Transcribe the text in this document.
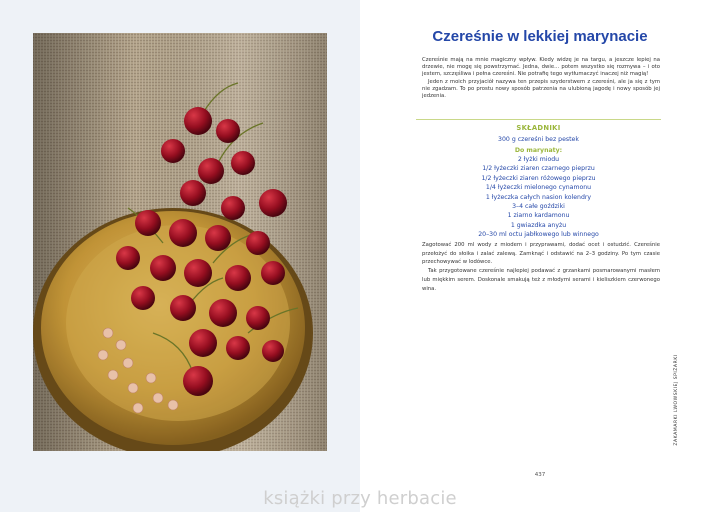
Czereśnie w lekkiej marynacie

Czereśnie mają na mnie magiczny wpływ. Kiedy widzę je na targu, a jeszcze lepiej na drzewie, nie mogę się powstrzymać. Jedna, dwie... potem wszystko się rozmywa – i oto jestem, szczęśliwa i pełna czereśni. Nie potrafię tego wytłumaczyć inaczej niż magią!

Jeden z moich przyjaciół nazywa ten przepis szyderstwem z czereśni, ale ja się z tym nie zgadzam. To po prostu nowy sposób patrzenia na ulubioną jagodę i nowy sposób jej jedzenia.

SKŁADNIKI
300 g czereśni bez pestek
Do marynaty:
2 łyżki miodu
1/2 łyżeczki ziaren czarnego pieprzu
1/2 łyżeczki ziaren różowego pieprzu
1/4 łyżeczki mielonego cynamonu
1 łyżeczka całych nasion kolendry
3–4 całe goździki
1 ziarno kardamonu
1 gwiazdka anyżu
20–30 ml octu jabłkowego lub winnego

Zagotować 200 ml wody z miodem i przyprawami, dodać ocet i ostudzić. Czereśnie przełożyć do słoika i zalać zalewą. Zamknąć i odstawić na 2–3 godziny. Po tym czasie przechowywać w lodówce.

Tak przygotowane czereśnie najlepiej podawać z grzankami posmarowanymi masłem lub miękkim serem. Doskonale smakują też z młodymi serami i kieliszkiem czerwonego wina.

ZAKAMARKI LWOWSKIEJ SPIŻARKI
437
książki przy herbacie
